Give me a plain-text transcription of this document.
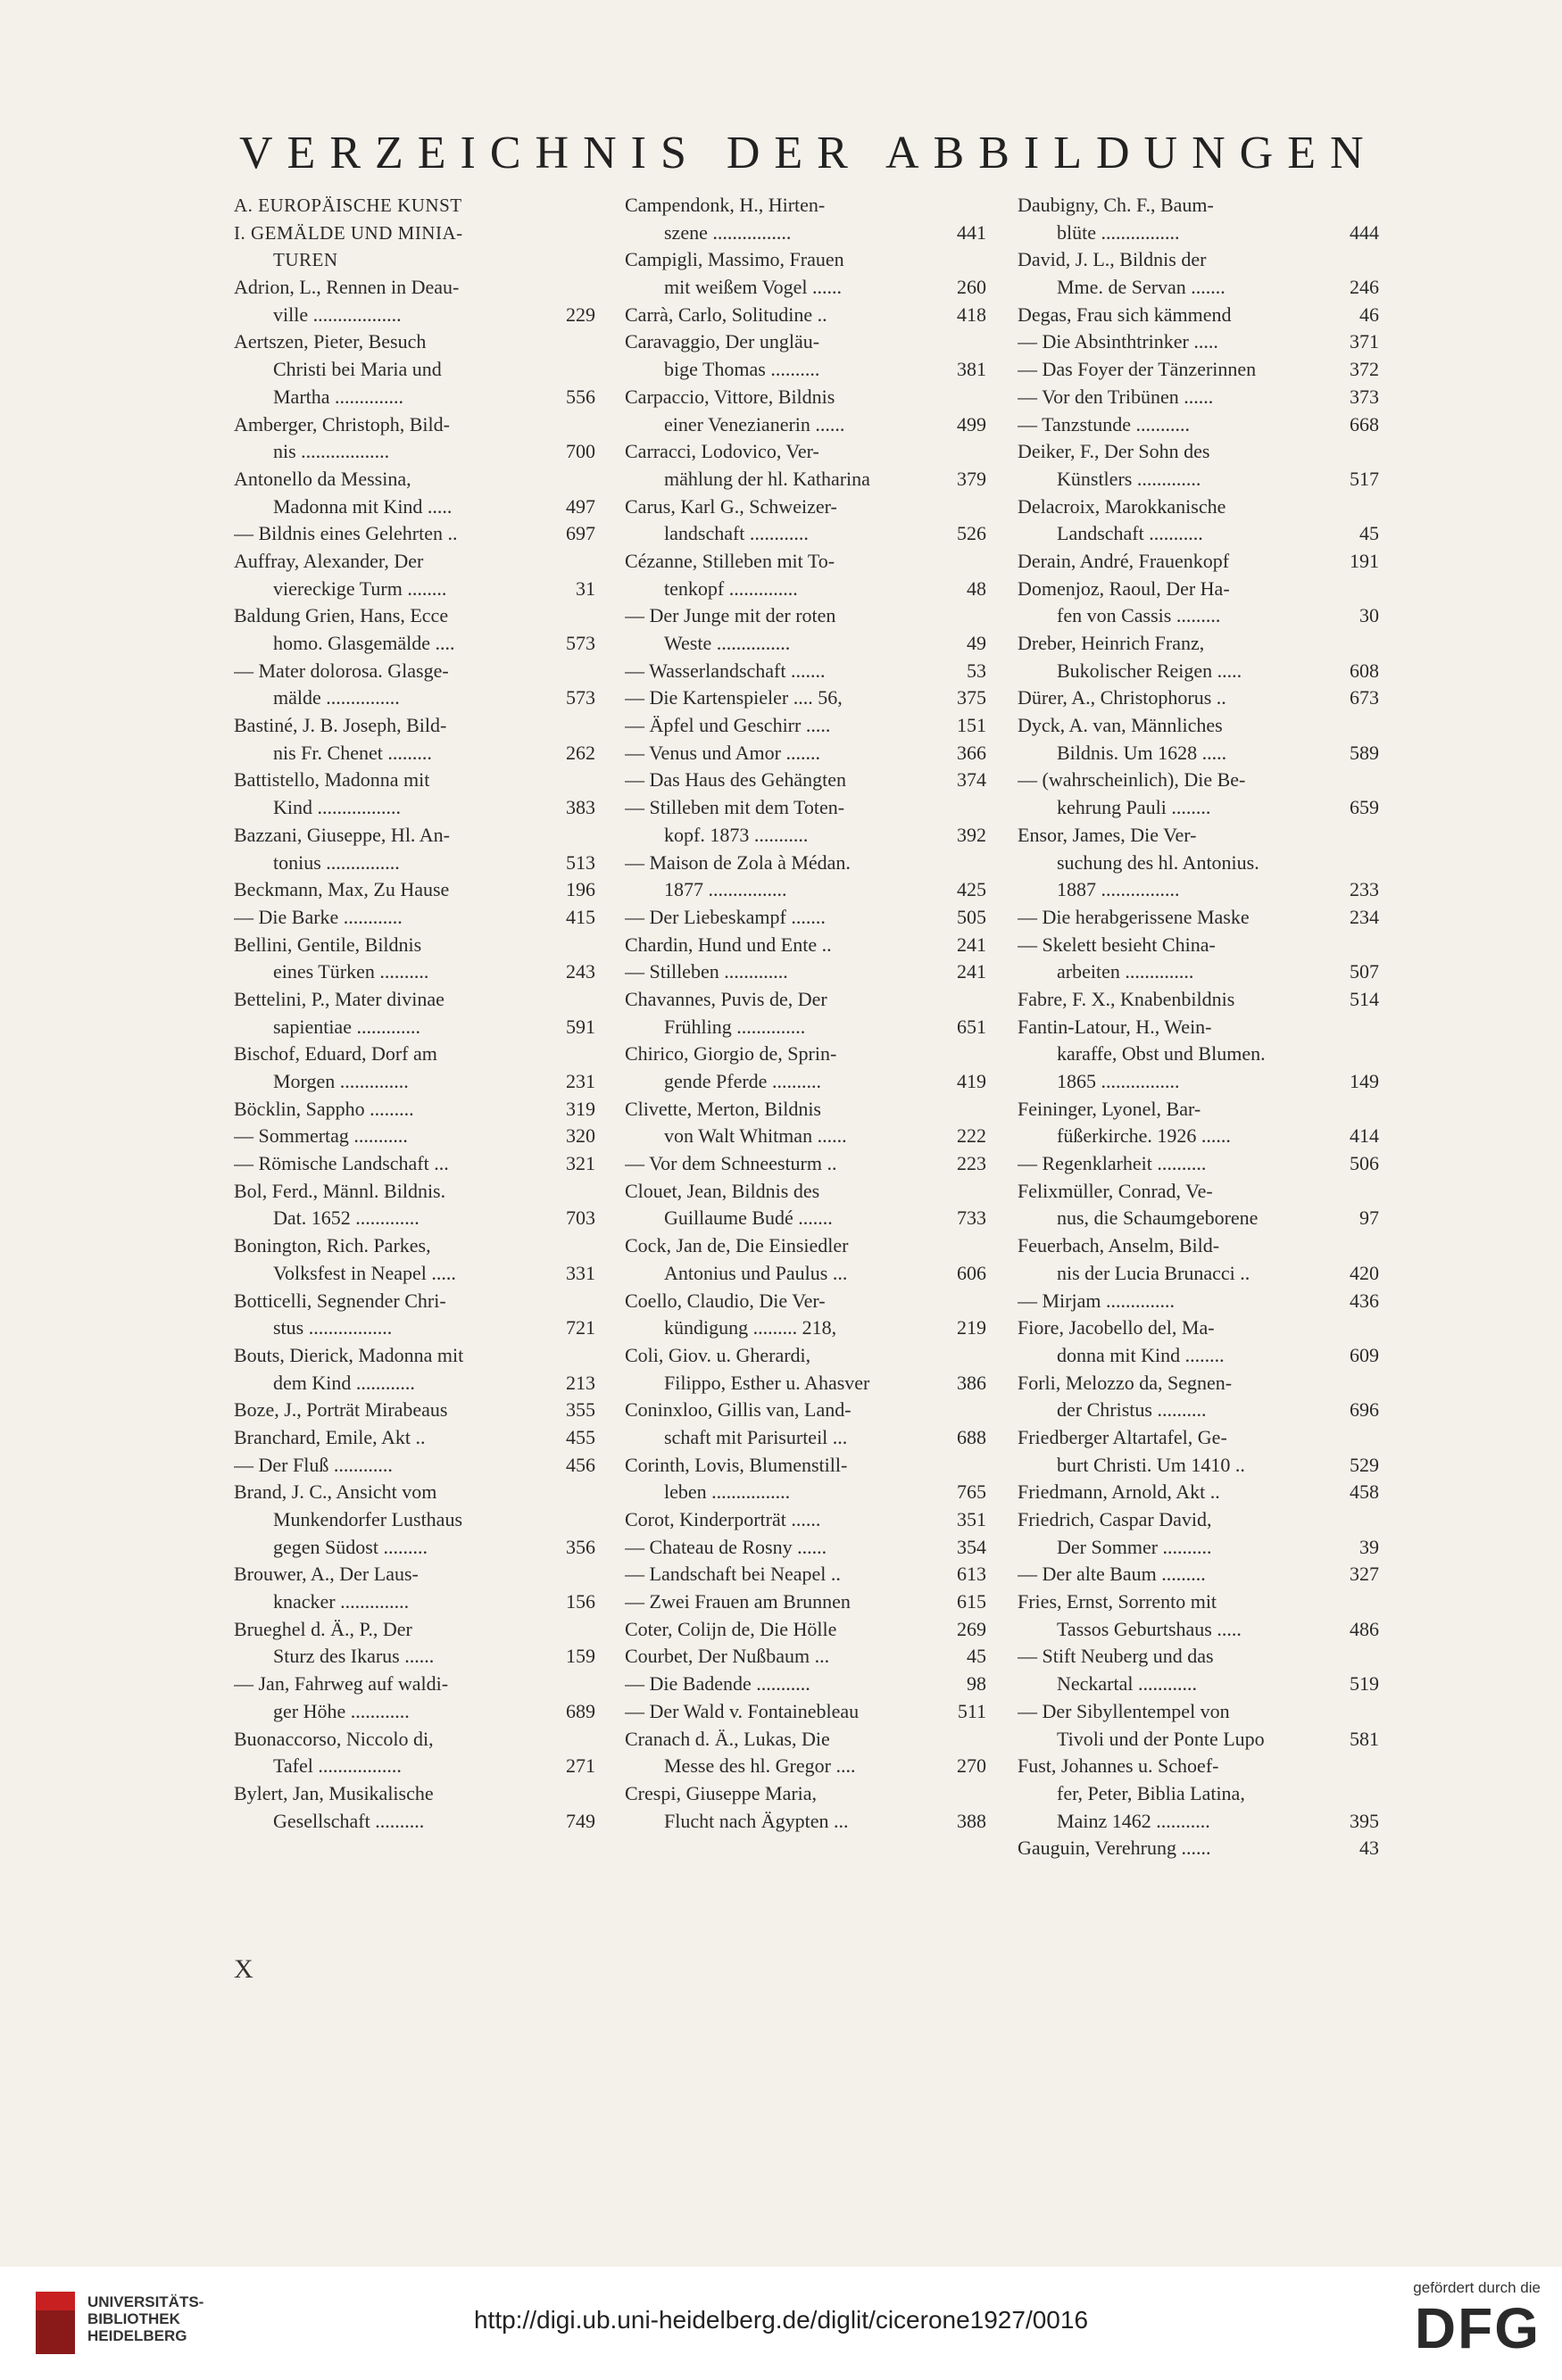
VERZEICHNIS DER ABBILDUNGEN
A. EUROPÄISCHE KUNST
I. GEMÄLDE UND MINIA-
TUREN
Adrion, L., Rennen in Deau-
ville ..................	229
Aertszen, Pieter, Besuch
Christi bei Maria und
Martha ..............	556
Amberger, Christoph, Bild-
nis ..................	700
Antonello da Messina,
Madonna mit Kind .....	497
— Bildnis eines Gelehrten ..	697
Auffray, Alexander, Der
viereckige Turm ........	31
Baldung Grien, Hans, Ecce
homo. Glasgemälde ....	573
— Mater dolorosa. Glasge-
mälde ...............	573
Bastiné, J. B. Joseph, Bild-
nis Fr. Chenet .........	262
Battistello, Madonna mit
Kind .................	383
Bazzani, Giuseppe, Hl. An-
tonius ...............	513
Beckmann, Max, Zu Hause	196
— Die Barke ............	415
Bellini, Gentile, Bildnis
eines Türken ..........	243
Bettelini, P., Mater divinae
sapientiae .............	591
Bischof, Eduard, Dorf am
Morgen ..............	231
Böcklin, Sappho .........	319
— Sommertag ...........	320
— Römische Landschaft ...	321
Bol, Ferd., Männl. Bildnis.
Dat. 1652 .............	703
Bonington, Rich. Parkes,
Volksfest in Neapel .....	331
Botticelli, Segnender Chri-
stus .................	721
Bouts, Dierick, Madonna mit
dem Kind ............	213
Boze, J., Porträt Mirabeaus	355
Branchard, Emile, Akt ..	455
— Der Fluß ............	456
Brand, J. C., Ansicht vom
Munkendorfer Lusthaus
gegen Südost .........	356
Brouwer, A., Der Laus-
knacker ..............	156
Brueghel d. Ä., P., Der
Sturz des Ikarus ......	159
— Jan, Fahrweg auf waldi-
ger Höhe ............	689
Buonaccorso, Niccolo di,
Tafel .................	271
Bylert, Jan, Musikalische
Gesellschaft ..........	749
Campendonk, H., Hirten-
szene ................	441
Campigli, Massimo, Frauen
mit weißem Vogel ......	260
Carrà, Carlo, Solitudine ..	418
Caravaggio, Der ungläu-
bige Thomas ..........	381
Carpaccio, Vittore, Bildnis
einer Venezianerin ......	499
Carracci, Lodovico, Ver-
mählung der hl. Katharina	379
Carus, Karl G., Schweizer-
landschaft ............	526
Cézanne, Stilleben mit To-
tenkopf ..............	48
— Der Junge mit der roten
Weste ...............	49
— Wasserlandschaft .......	53
— Die Kartenspieler .... 56,	375
— Äpfel und Geschirr .....	151
— Venus und Amor .......	366
— Das Haus des Gehängten	374
— Stilleben mit dem Toten-
kopf. 1873 ...........	392
— Maison de Zola à Médan.
1877 ................	425
— Der Liebeskampf .......	505
Chardin, Hund und Ente ..	241
— Stilleben .............	241
Chavannes, Puvis de, Der
Frühling ..............	651
Chirico, Giorgio de, Sprin-
gende Pferde ..........	419
Clivette, Merton, Bildnis
von Walt Whitman ......	222
— Vor dem Schneesturm ..	223
Clouet, Jean, Bildnis des
Guillaume Budé .......	733
Cock, Jan de, Die Einsiedler
Antonius und Paulus ...	606
Coello, Claudio, Die Ver-
kündigung ......... 218,	219
Coli, Giov. u. Gherardi,
Filippo, Esther u. Ahasver	386
Coninxloo, Gillis van, Land-
schaft mit Parisurteil ...	688
Corinth, Lovis, Blumenstill-
leben ................	765
Corot, Kinderporträt ......	351
— Chateau de Rosny ......	354
— Landschaft bei Neapel ..	613
— Zwei Frauen am Brunnen	615
Coter, Colijn de, Die Hölle	269
Courbet, Der Nußbaum ...	45
— Die Badende ...........	98
— Der Wald v. Fontainebleau	511
Cranach d. Ä., Lukas, Die
Messe des hl. Gregor ....	270
Crespi, Giuseppe Maria,
Flucht nach Ägypten ...	388
Daubigny, Ch. F., Baum-
blüte ................	444
David, J. L., Bildnis der
Mme. de Servan .......	246
Degas, Frau sich kämmend	46
— Die Absinthtrinker .....	371
— Das Foyer der Tänzerinnen	372
— Vor den Tribünen ......	373
— Tanzstunde ...........	668
Deiker, F., Der Sohn des
Künstlers .............	517
Delacroix, Marokkanische
Landschaft ...........	45
Derain, André, Frauenkopf	191
Domenjoz, Raoul, Der Ha-
fen von Cassis .........	30
Dreber, Heinrich Franz,
Bukolischer Reigen .....	608
Dürer, A., Christophorus ..	673
Dyck, A. van, Männliches
Bildnis. Um 1628 .....	589
— (wahrscheinlich), Die Be-
kehrung Pauli ........	659
Ensor, James, Die Ver-
suchung des hl. Antonius.
1887 ................	233
— Die herabgerissene Maske	234
— Skelett besieht China-
arbeiten ..............	507
Fabre, F. X., Knabenbildnis	514
Fantin-Latour, H., Wein-
karaffe, Obst und Blumen.
1865 ................	149
Feininger, Lyonel, Bar-
füßerkirche. 1926 ......	414
— Regenklarheit ..........	506
Felixmüller, Conrad, Ve-
nus, die Schaumgeborene	97
Feuerbach, Anselm, Bild-
nis der Lucia Brunacci ..	420
— Mirjam ..............	436
Fiore, Jacobello del, Ma-
donna mit Kind ........	609
Forli, Melozzo da, Segnen-
der Christus ..........	696
Friedberger Altartafel, Ge-
burt Christi. Um 1410 ..	529
Friedmann, Arnold, Akt ..	458
Friedrich, Caspar David,
Der Sommer ..........	39
— Der alte Baum .........	327
Fries, Ernst, Sorrento mit
Tassos Geburtshaus .....	486
— Stift Neuberg und das
Neckartal ............	519
— Der Sibyllentempel von
Tivoli und der Ponte Lupo	581
Fust, Johannes u. Schoef-
fer, Peter, Biblia Latina,
Mainz 1462 ...........	395
Gauguin, Verehrung ......	43
X
UNIVERSITÄTS-
BIBLIOTHEK
HEIDELBERG
http://digi.ub.uni-heidelberg.de/diglit/cicerone1927/0016
gefördert durch die
DFG
